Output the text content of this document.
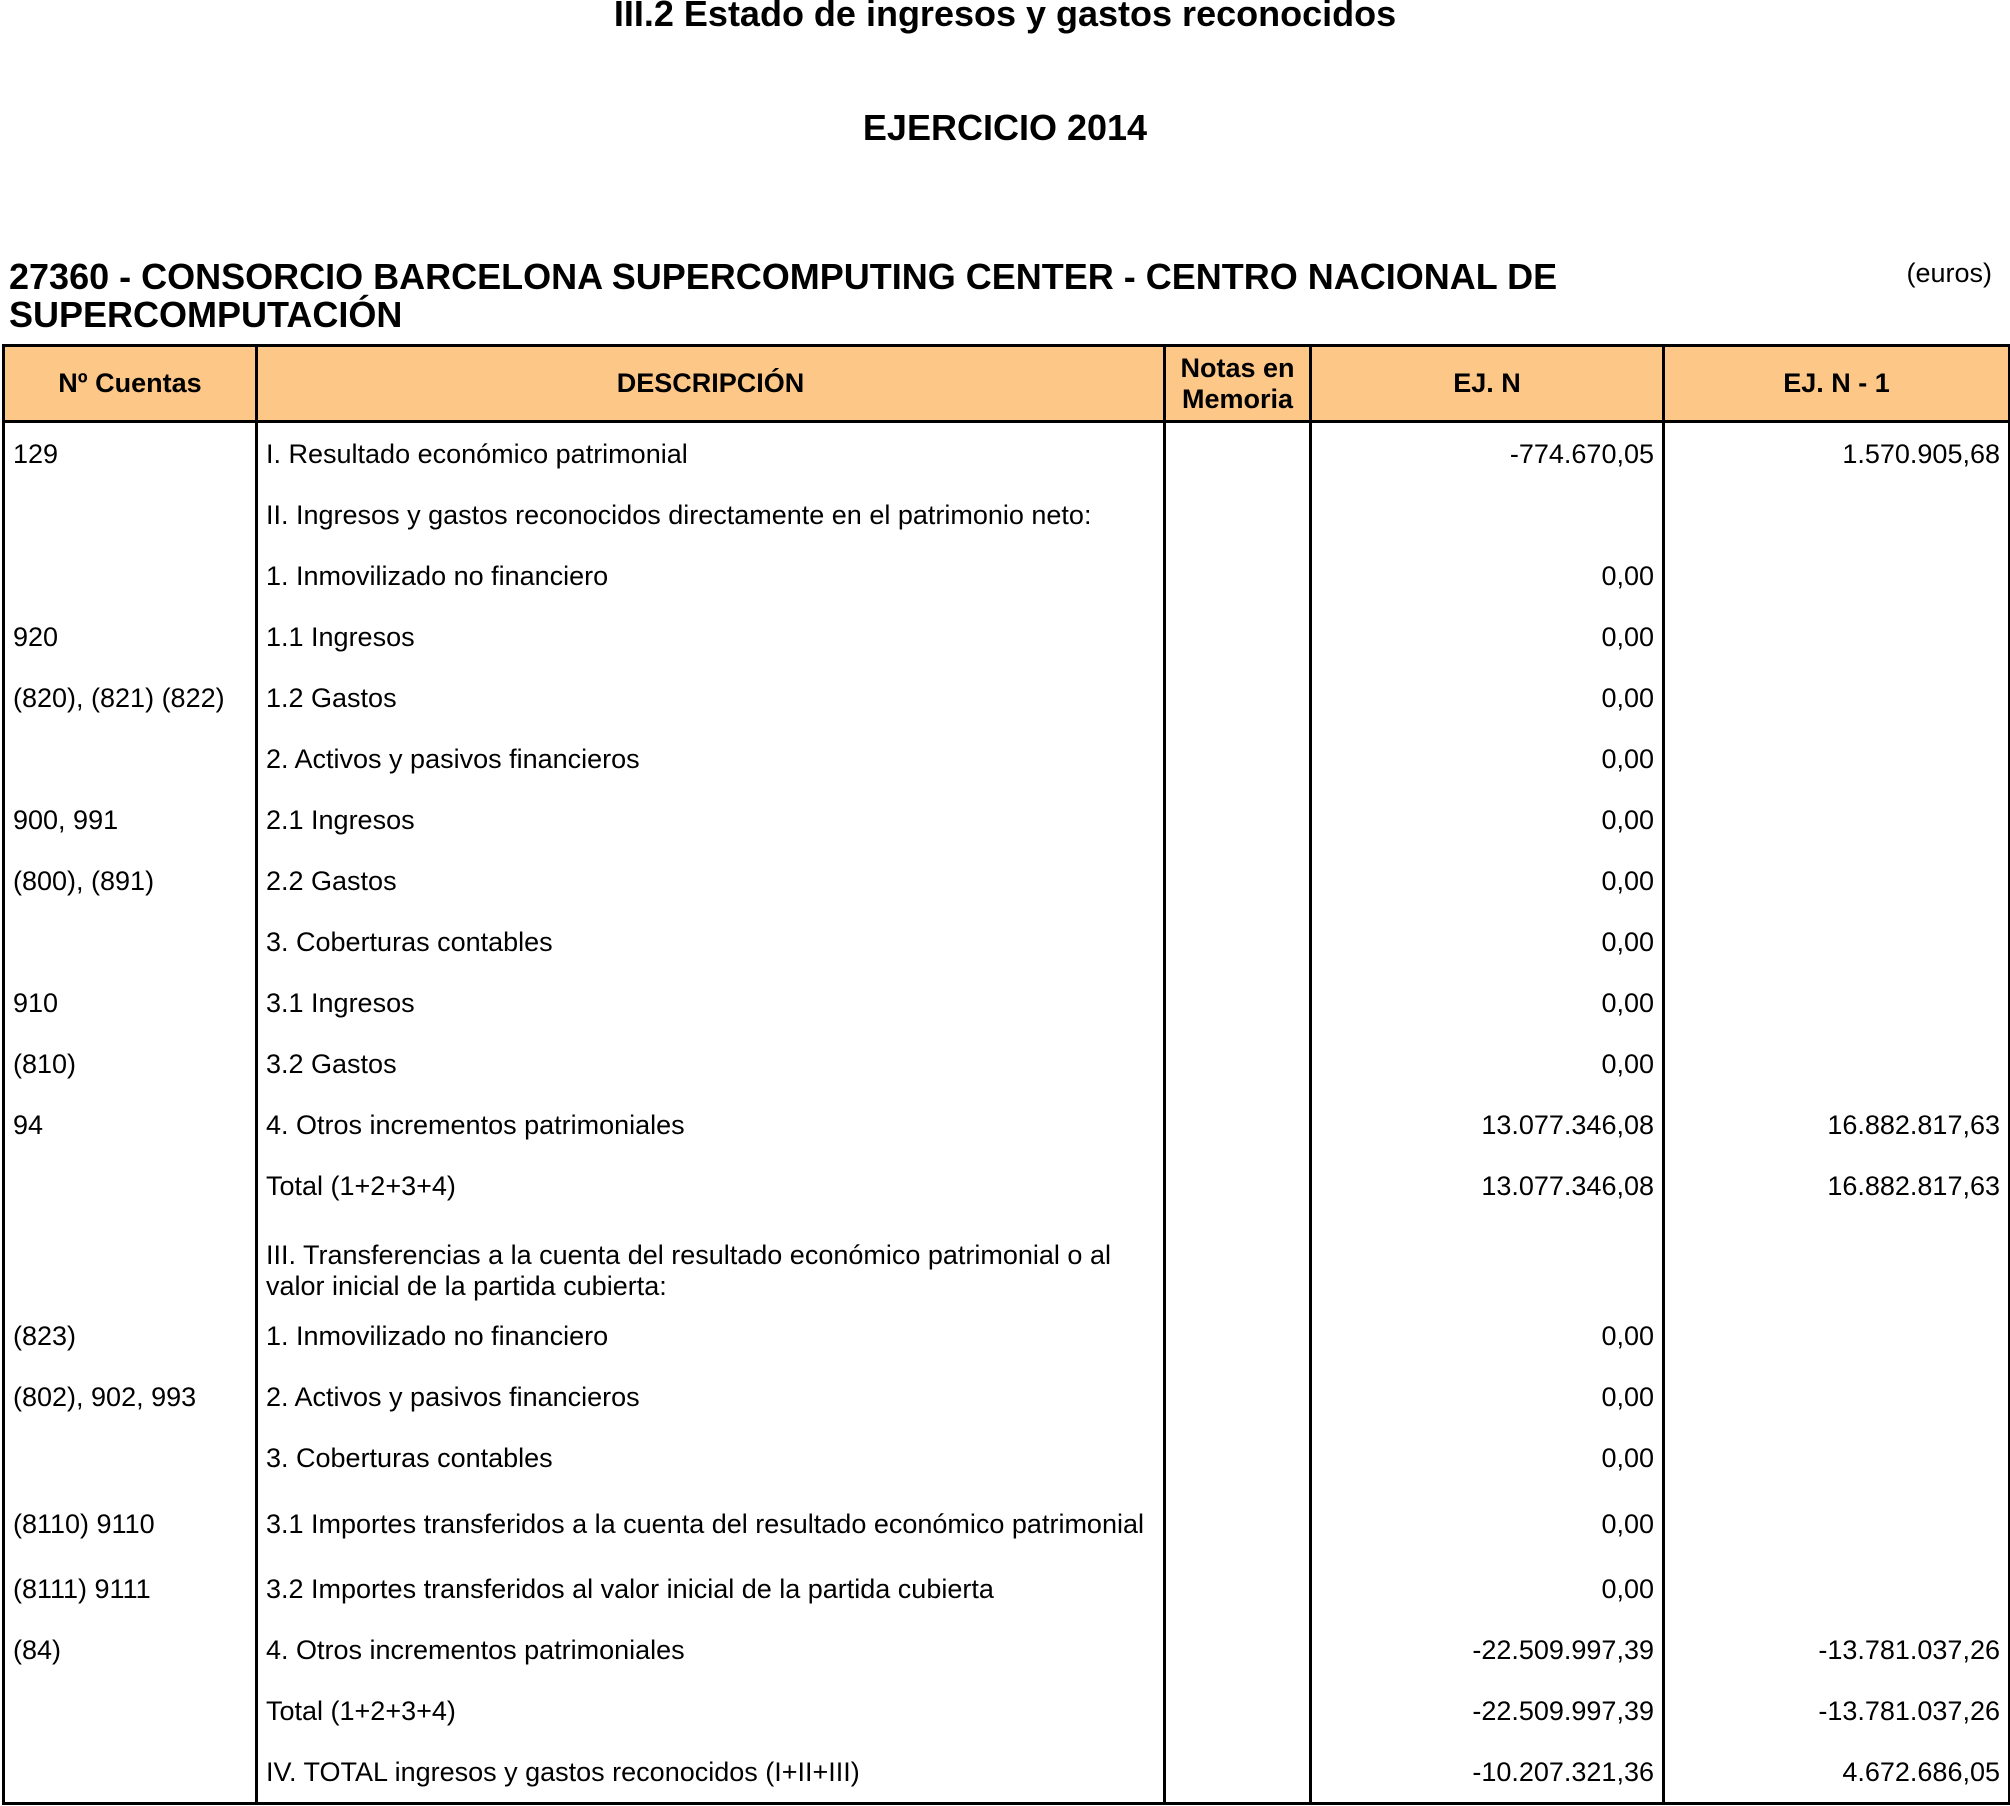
III.2 Estado de ingresos y gastos reconocidos
EJERCICIO 2014
27360 - CONSORCIO BARCELONA SUPERCOMPUTING CENTER - CENTRO NACIONAL DE SUPERCOMPUTACIÓN
(euros)
Nº Cuentas	DESCRIPCIÓN	Notas en Memoria	EJ. N	EJ. N - 1
129	I. Resultado económico patrimonial		-774.670,05	1.570.905,68
	II. Ingresos y gastos reconocidos directamente en el patrimonio neto:			
	1. Inmovilizado no financiero		0,00	
920	1.1 Ingresos		0,00	
(820), (821) (822)	1.2 Gastos		0,00	
	2. Activos y pasivos financieros		0,00	
900, 991	2.1 Ingresos		0,00	
(800), (891)	2.2 Gastos		0,00	
	3. Coberturas contables		0,00	
910	3.1 Ingresos		0,00	
(810)	3.2 Gastos		0,00	
94	4. Otros incrementos patrimoniales		13.077.346,08	16.882.817,63
	Total (1+2+3+4)		13.077.346,08	16.882.817,63
	III. Transferencias a la cuenta del resultado económico patrimonial o al valor inicial de la partida cubierta:			
(823)	1. Inmovilizado no financiero		0,00	
(802), 902, 993	2. Activos y pasivos financieros		0,00	
	3. Coberturas contables		0,00	
(8110) 9110	3.1 Importes transferidos a la cuenta del resultado económico patrimonial		0,00	
(8111) 9111	3.2 Importes transferidos al valor inicial de la partida cubierta		0,00	
(84)	4. Otros incrementos patrimoniales		-22.509.997,39	-13.781.037,26
	Total (1+2+3+4)		-22.509.997,39	-13.781.037,26
	IV. TOTAL ingresos y gastos reconocidos (I+II+III)		-10.207.321,36	4.672.686,05
